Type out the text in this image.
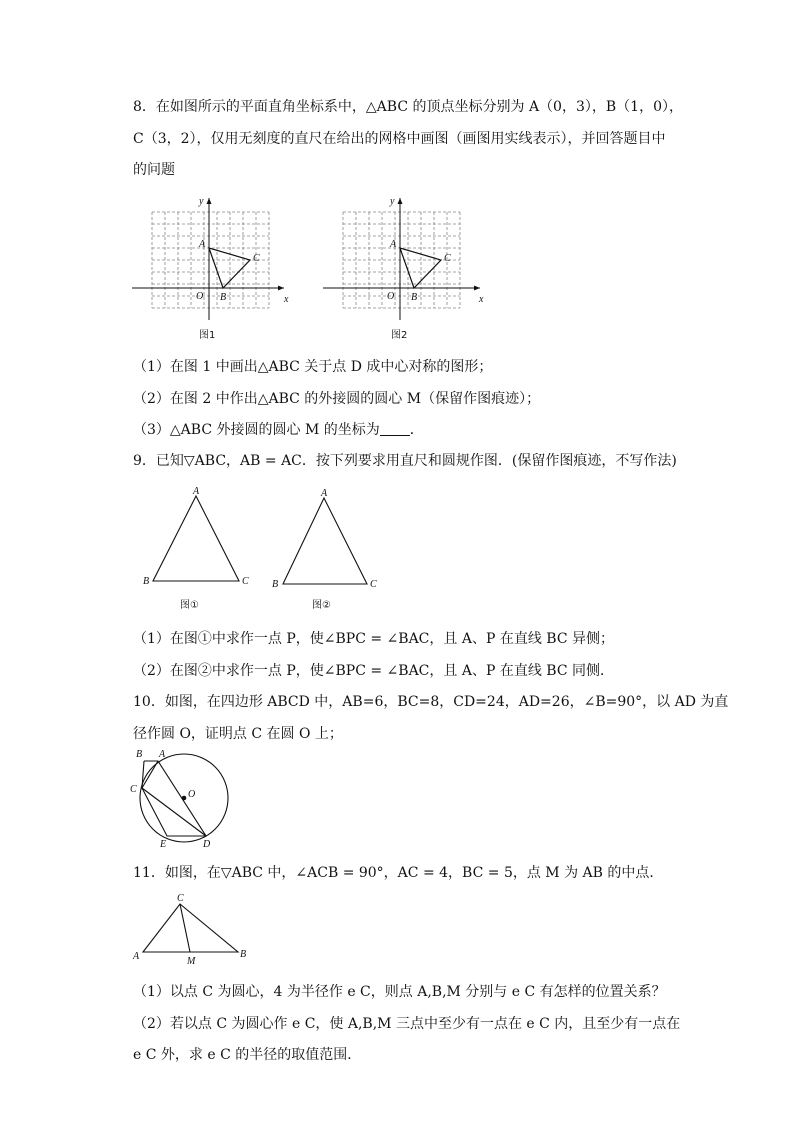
8．在如图所示的平面直角坐标系中，△ABC 的顶点坐标分别为 A（0，3），B（1，0），
C（3，2），仅用无刻度的直尺在给出的网格中画图（画图用实线表示），并回答题目中
的问题
x
y
O
A
B
C
图1
x
y
O
A
B
C
图2
（1）在图 1 中画出△ABC 关于点 D 成中心对称的图形；
（2）在图 2 中作出△ABC 的外接圆的圆心 M（保留作图痕迹）；
（3）△ABC 外接圆的圆心 M 的坐标为 ．
9．已知▽ABC，AB = AC．按下列要求用直尺和圆规作图．(保留作图痕迹，不写作法)
A
B	C
图①
A
B	C
图②
（1）在图①中求作一点 P，使∠BPC = ∠BAC，且 A、P 在直线 BC 异侧；
（2）在图②中求作一点 P，使∠BPC = ∠BAC，且 A、P 在直线 BC 同侧．
10．如图，在四边形 ABCD 中，AB=6，BC=8，CD=24，AD=26，∠B=90°，以 AD 为直
径作圆 O，证明点 C 在圆 O 上；
B A
C	O
E	D
11．如图，在▽ABC 中，∠ACB = 90°，AC = 4，BC = 5，点 M 为 AB 的中点．
C
A	B
M
（1）以点 C 为圆心，4 为半径作 e C，则点 A,B,M 分别与 e C 有怎样的位置关系？
（2）若以点 C 为圆心作 e C，使 A,B,M 三点中至少有一点在 e C 内，且至少有一点在
e C 外，求 e C 的半径的取值范围．
